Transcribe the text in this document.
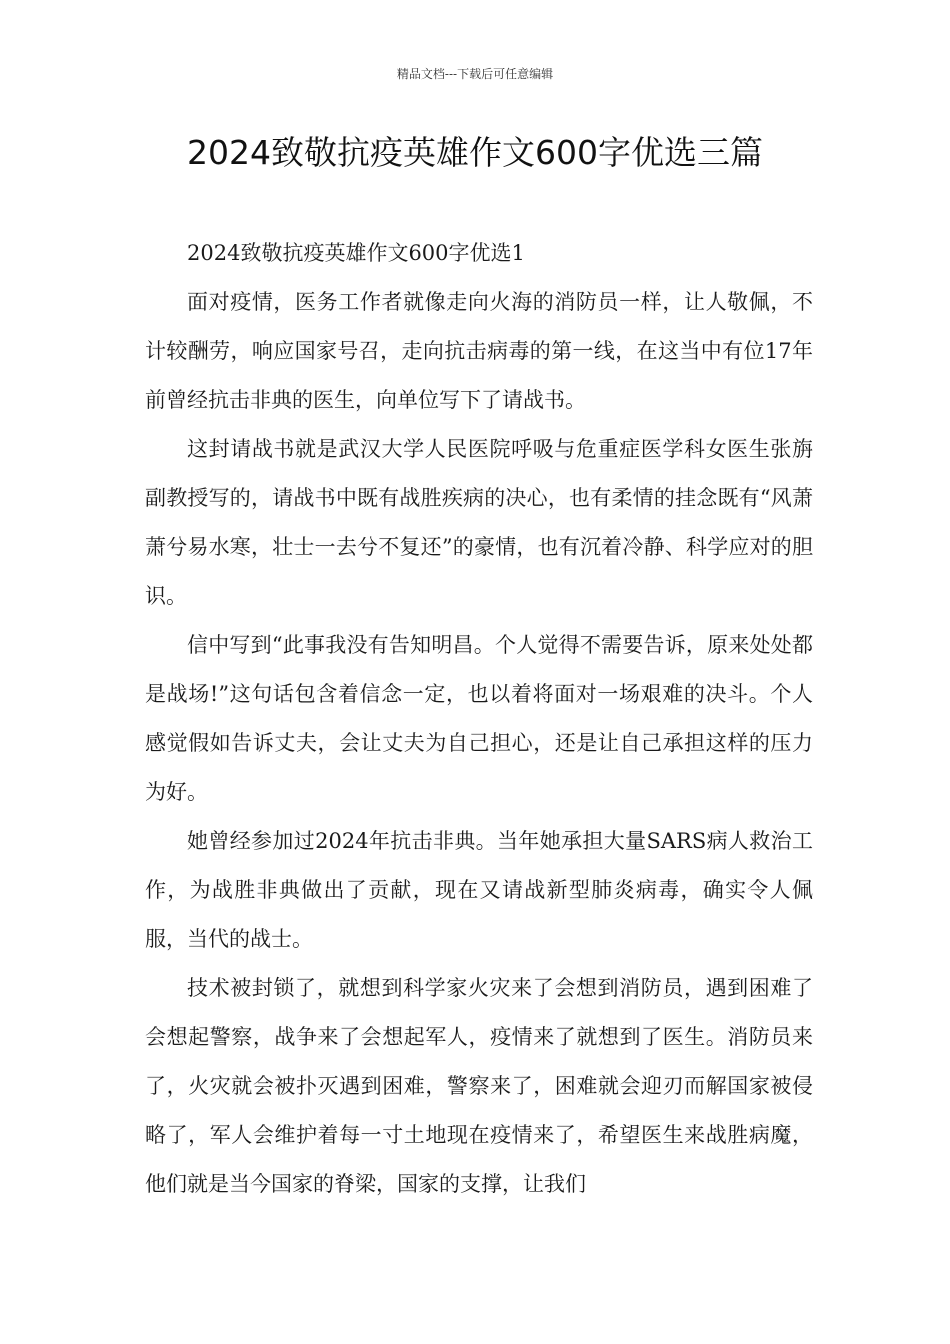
精品文档---下载后可任意编辑
2024致敬抗疫英雄作文600字优选三篇

2024致敬抗疫英雄作文600字优选1

面对疫情，医务工作者就像走向火海的消防员一样，让人敬佩，不计较酬劳，响应国家号召，走向抗击病毒的第一线，在这当中有位17年前曾经抗击非典的医生，向单位写下了请战书。

这封请战书就是武汉大学人民医院呼吸与危重症医学科女医生张旃副教授写的，请战书中既有战胜疾病的决心，也有柔情的挂念既有“风萧萧兮易水寒，壮士一去兮不复还”的豪情，也有沉着冷静、科学应对的胆识。

信中写到“此事我没有告知明昌。个人觉得不需要告诉，原来处处都是战场!”这句话包含着信念一定，也以着将面对一场艰难的决斗。个人感觉假如告诉丈夫，会让丈夫为自己担心，还是让自己承担这样的压力为好。

她曾经参加过2024年抗击非典。当年她承担大量SARS病人救治工作，为战胜非典做出了贡献，现在又请战新型肺炎病毒，确实令人佩服，当代的战士。

技术被封锁了，就想到科学家火灾来了会想到消防员，遇到困难了会想起警察，战争来了会想起军人，疫情来了就想到了医生。消防员来了，火灾就会被扑灭遇到困难，警察来了，困难就会迎刃而解国家被侵略了，军人会维护着每一寸土地现在疫情来了，希望医生来战胜病魔，他们就是当今国家的脊梁，国家的支撑，让我们
